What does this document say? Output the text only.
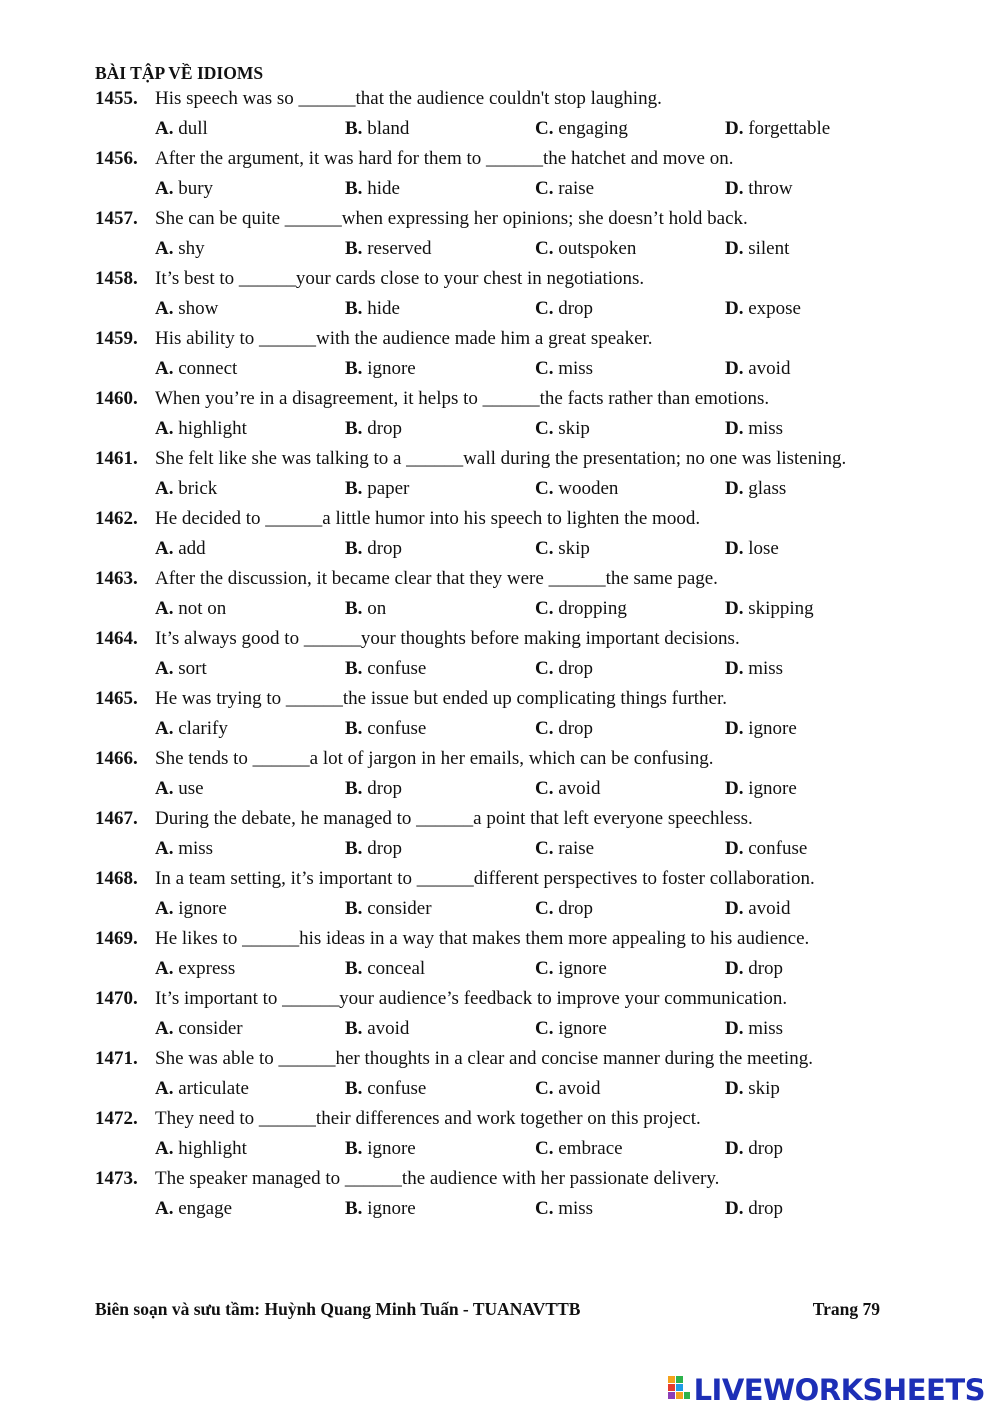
BÀI TẬP VỀ IDIOMS
1455. His speech was so ______that the audience couldn't stop laughing.
A. dull	B. bland	C. engaging	D. forgettable
1456. After the argument, it was hard for them to ______the hatchet and move on.
A. bury	B. hide	C. raise	D. throw
1457. She can be quite ______when expressing her opinions; she doesn’t hold back.
A. shy	B. reserved	C. outspoken	D. silent
1458. It’s best to ______your cards close to your chest in negotiations.
A. show	B. hide	C. drop	D. expose
1459. His ability to ______with the audience made him a great speaker.
A. connect	B. ignore	C. miss	D. avoid
1460. When you’re in a disagreement, it helps to ______the facts rather than emotions.
A. highlight	B. drop	C. skip	D. miss
1461. She felt like she was talking to a ______wall during the presentation; no one was listening.
A. brick	B. paper	C. wooden	D. glass
1462. He decided to ______a little humor into his speech to lighten the mood.
A. add	B. drop	C. skip	D. lose
1463. After the discussion, it became clear that they were ______the same page.
A. not on	B. on	C. dropping	D. skipping
1464. It’s always good to ______your thoughts before making important decisions.
A. sort	B. confuse	C. drop	D. miss
1465. He was trying to ______the issue but ended up complicating things further.
A. clarify	B. confuse	C. drop	D. ignore
1466. She tends to ______a lot of jargon in her emails, which can be confusing.
A. use	B. drop	C. avoid	D. ignore
1467. During the debate, he managed to ______a point that left everyone speechless.
A. miss	B. drop	C. raise	D. confuse
1468. In a team setting, it’s important to ______different perspectives to foster collaboration.
A. ignore	B. consider	C. drop	D. avoid
1469. He likes to ______his ideas in a way that makes them more appealing to his audience.
A. express	B. conceal	C. ignore	D. drop
1470. It’s important to ______your audience’s feedback to improve your communication.
A. consider	B. avoid	C. ignore	D. miss
1471. She was able to ______her thoughts in a clear and concise manner during the meeting.
A. articulate	B. confuse	C. avoid	D. skip
1472. They need to ______their differences and work together on this project.
A. highlight	B. ignore	C. embrace	D. drop
1473. The speaker managed to ______the audience with her passionate delivery.
A. engage	B. ignore	C. miss	D. drop
Biên soạn và sưu tầm: Huỳnh Quang Minh Tuấn - TUANAVTTB	Trang 79
LIVEWORKSHEETS
